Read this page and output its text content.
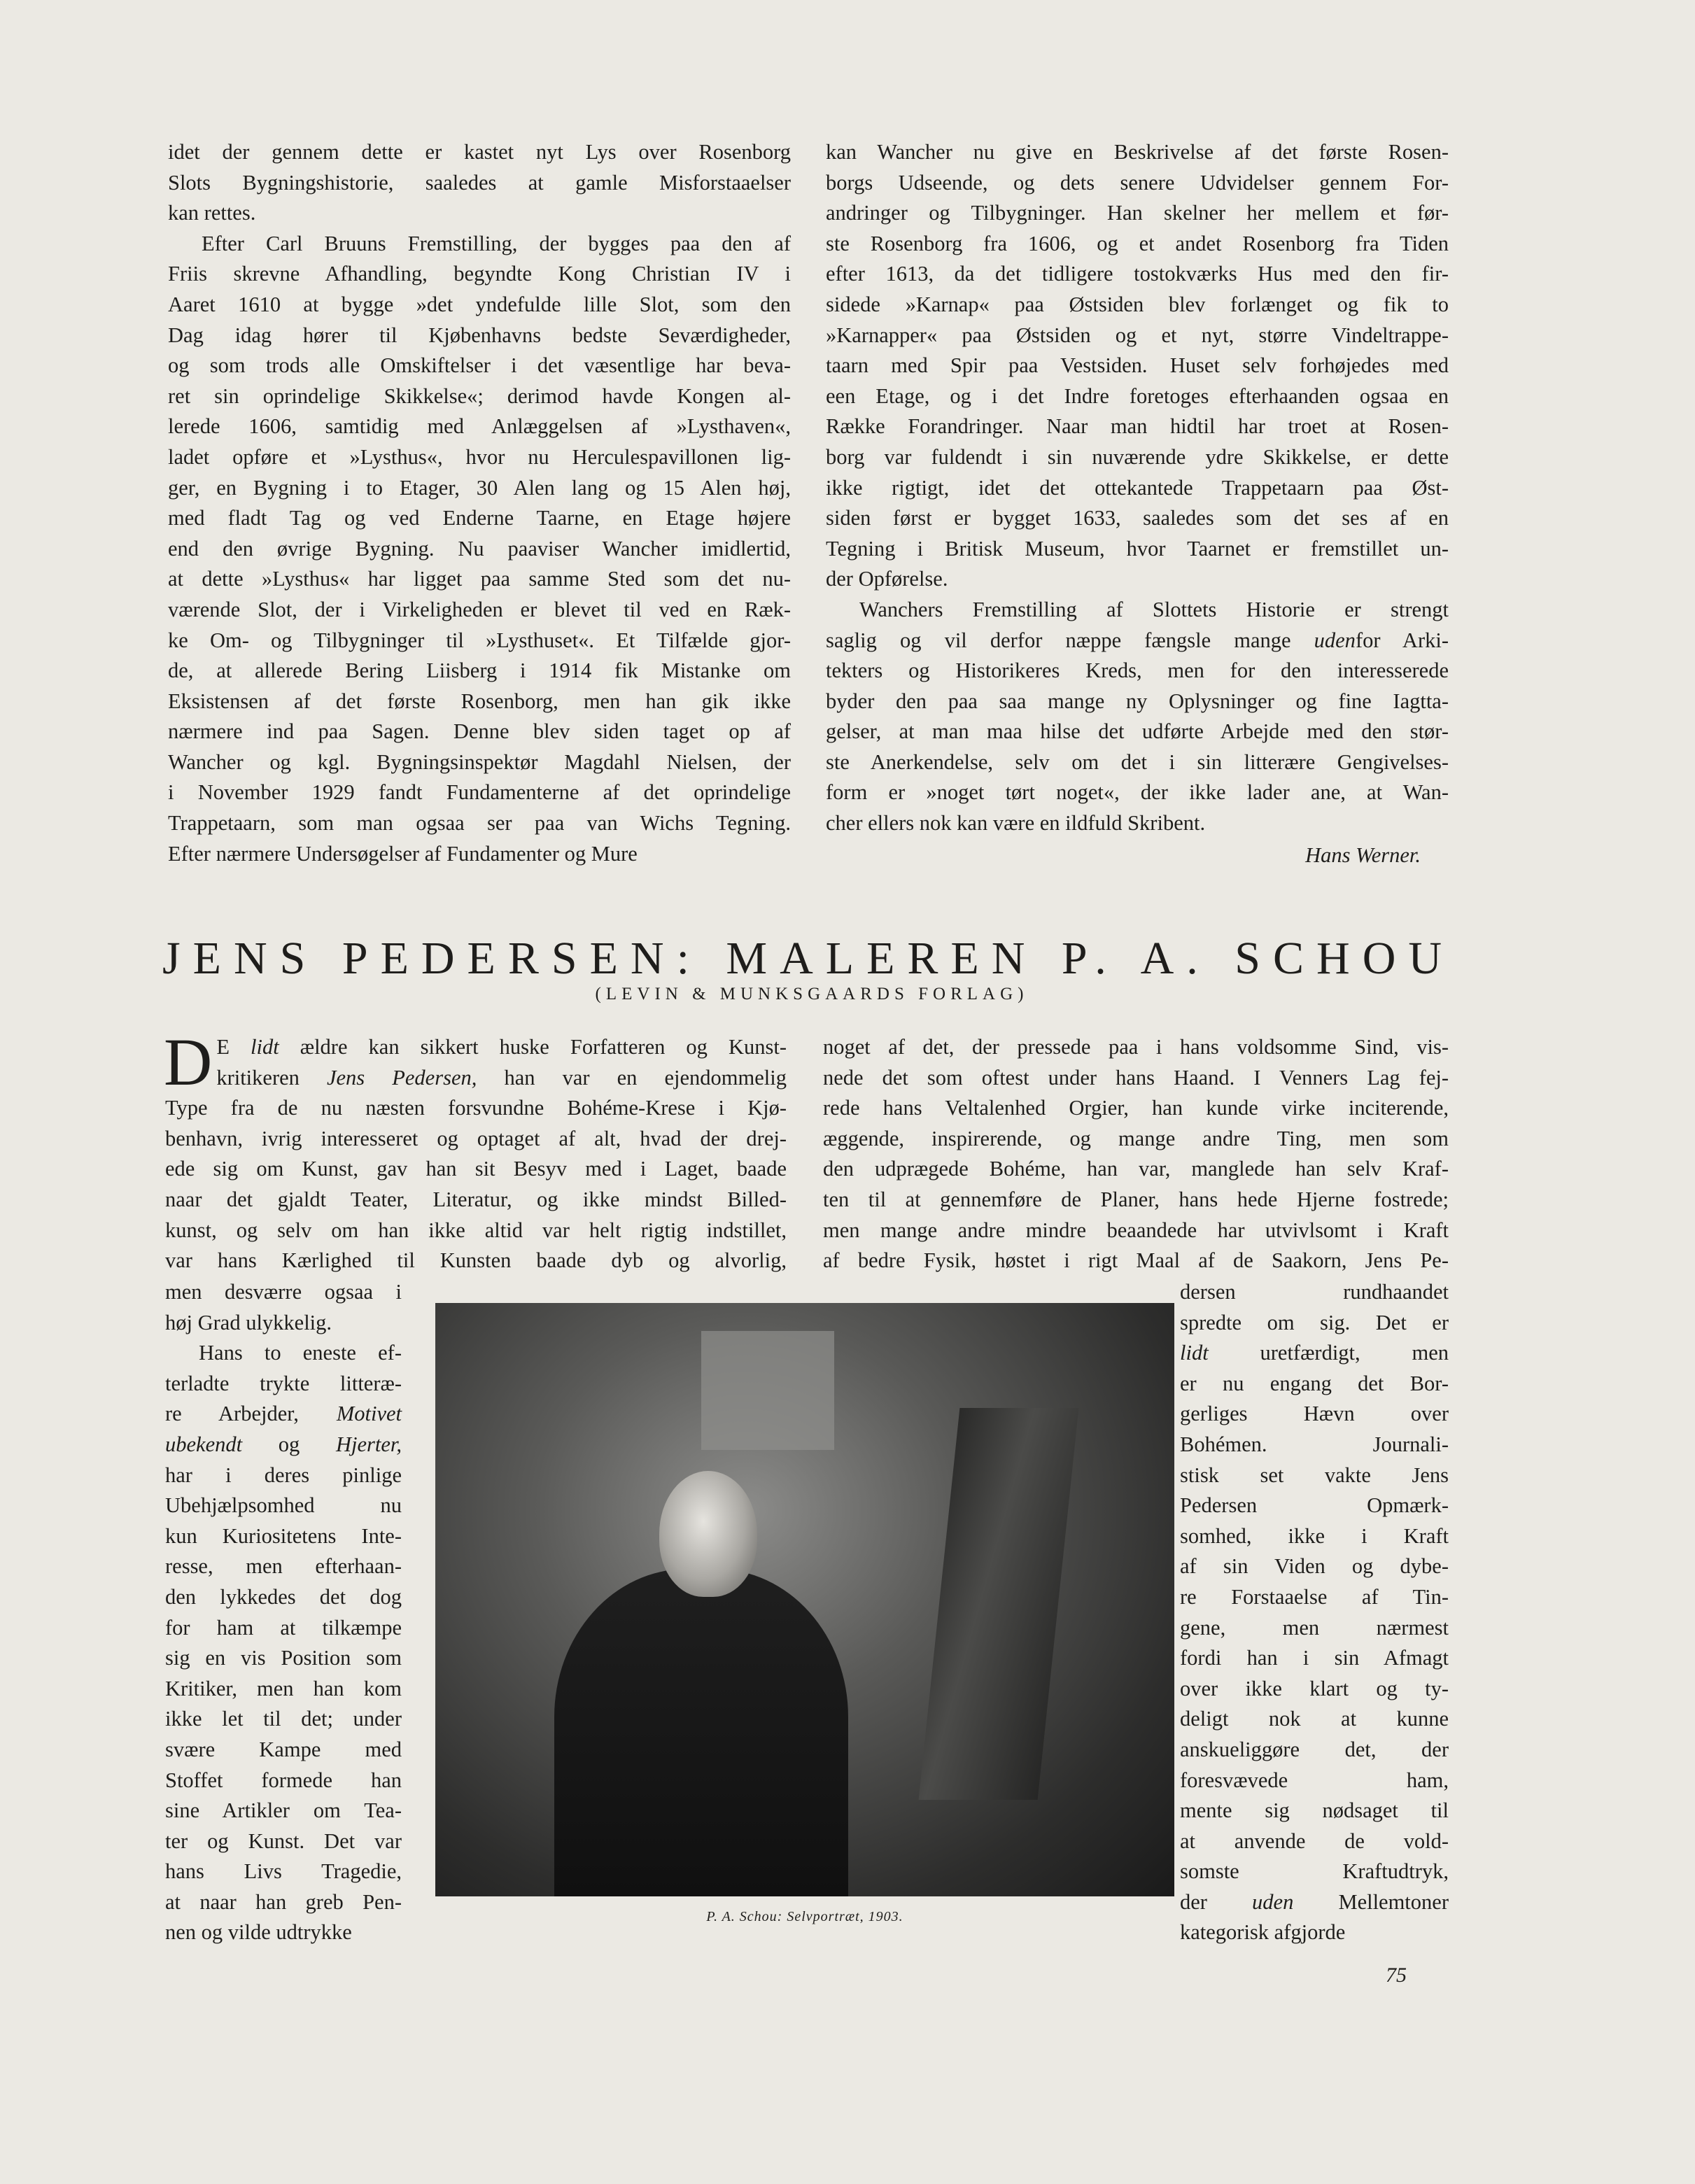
idet der gennem dette er kastet nyt Lys over Rosenborg
Slots Bygningshistorie, saaledes at gamle Misforstaaelser
kan rettes.
Efter Carl Bruuns Fremstilling, der bygges paa den af
Friis skrevne Afhandling, begyndte Kong Christian IV i
Aaret 1610 at bygge »det yndefulde lille Slot, som den
Dag idag hører til Kjøbenhavns bedste Seværdigheder,
og som trods alle Omskiftelser i det væsentlige har beva-
ret sin oprindelige Skikkelse«; derimod havde Kongen al-
lerede 1606, samtidig med Anlæggelsen af »Lysthaven«,
ladet opføre et »Lysthus«, hvor nu Herculespavillonen lig-
ger, en Bygning i to Etager, 30 Alen lang og 15 Alen høj,
med fladt Tag og ved Enderne Taarne, en Etage højere
end den øvrige Bygning. Nu paaviser Wancher imidlertid,
at dette »Lysthus« har ligget paa samme Sted som det nu-
værende Slot, der i Virkeligheden er blevet til ved en Ræk-
ke Om- og Tilbygninger til »Lysthuset«. Et Tilfælde gjor-
de, at allerede Bering Liisberg i 1914 fik Mistanke om
Eksistensen af det første Rosenborg, men han gik ikke
nærmere ind paa Sagen. Denne blev siden taget op af
Wancher og kgl. Bygningsinspektør Magdahl Nielsen, der
i November 1929 fandt Fundamenterne af det oprindelige
Trappetaarn, som man ogsaa ser paa van Wichs Tegning.
Efter nærmere Undersøgelser af Fundamenter og Mure
kan Wancher nu give en Beskrivelse af det første Rosen-
borgs Udseende, og dets senere Udvidelser gennem For-
andringer og Tilbygninger. Han skelner her mellem et før-
ste Rosenborg fra 1606, og et andet Rosenborg fra Tiden
efter 1613, da det tidligere tostokværks Hus med den fir-
sidede »Karnap« paa Østsiden blev forlænget og fik to
»Karnapper« paa Østsiden og et nyt, større Vindeltrappe-
taarn med Spir paa Vestsiden. Huset selv forhøjedes med
een Etage, og i det Indre foretoges efterhaanden ogsaa en
Række Forandringer. Naar man hidtil har troet at Rosen-
borg var fuldendt i sin nuværende ydre Skikkelse, er dette
ikke rigtigt, idet det ottekantede Trappetaarn paa Øst-
siden først er bygget 1633, saaledes som det ses af en
Tegning i Britisk Museum, hvor Taarnet er fremstillet un-
der Opførelse.
Wanchers Fremstilling af Slottets Historie er strengt
saglig og vil derfor næppe fængsle mange udenfor Arki-
tekters og Historikeres Kreds, men for den interesserede
byder den paa saa mange ny Oplysninger og fine Iagtta-
gelser, at man maa hilse det udførte Arbejde med den stør-
ste Anerkendelse, selv om det i sin litterære Gengivelses-
form er »noget tørt noget«, der ikke lader ane, at Wan-
cher ellers nok kan være en ildfuld Skribent.
Hans Werner.
JENS PEDERSEN: MALEREN P. A. SCHOU
(LEVIN & MUNKSGAARDS FORLAG)
D E lidt ældre kan sikkert huske Forfatteren og Kunst-
kritikeren Jens Pedersen, han var en ejendommelig
Type fra de nu næsten forsvundne Bohéme-Krese i Kjø-
benhavn, ivrig interesseret og optaget af alt, hvad der drej-
ede sig om Kunst, gav han sit Besyv med i Laget, baade
naar det gjaldt Teater, Literatur, og ikke mindst Billed-
kunst, og selv om han ikke altid var helt rigtig indstillet,
var hans Kærlighed til Kunsten baade dyb og alvorlig,
noget af det, der pressede paa i hans voldsomme Sind, vis-
nede det som oftest under hans Haand. I Venners Lag fej-
rede hans Veltalenhed Orgier, han kunde virke inciterende,
æggende, inspirerende, og mange andre Ting, men som
den udprægede Bohéme, han var, manglede han selv Kraf-
ten til at gennemføre de Planer, hans hede Hjerne fostrede;
men mange andre mindre beaandede har utvivlsomt i Kraft
af bedre Fysik, høstet i rigt Maal af de Saakorn, Jens Pe-
men desværre ogsaa i
høj Grad ulykkelig.
Hans to eneste ef-
terladte trykte litteræ-
re Arbejder, Motivet
ubekendt og Hjerter,
har i deres pinlige
Ubehjælpsomhed nu
kun Kuriositetens Inte-
resse, men efterhaan-
den lykkedes det dog
for ham at tilkæmpe
sig en vis Position som
Kritiker, men han kom
ikke let til det; under
svære Kampe med
Stoffet formede han
sine Artikler om Tea-
ter og Kunst. Det var
hans Livs Tragedie,
at naar han greb Pen-
nen og vilde udtrykke
dersen rundhaandet
spredte om sig. Det er
lidt uretfærdigt, men
er nu engang det Bor-
gerliges Hævn over
Bohémen. Journali-
stisk set vakte Jens
Pedersen Opmærk-
somhed, ikke i Kraft
af sin Viden og dybe-
re Forstaaelse af Tin-
gene, men nærmest
fordi han i sin Afmagt
over ikke klart og ty-
deligt nok at kunne
anskueliggøre det, der
foresvævede ham,
mente sig nødsaget til
at anvende de vold-
somste Kraftudtryk,
der uden Mellemtoner
kategorisk afgjorde
P. A. Schou: Selvportræt, 1903.
75
